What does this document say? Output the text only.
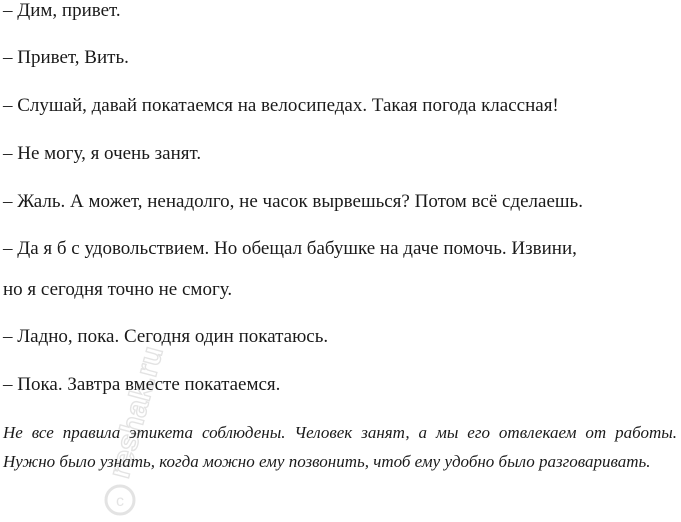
– Дим, привет.
– Привет, Вить.
– Слушай, давай покатаемся на велосипедах. Такая погода классная!
– Не могу, я очень занят.
– Жаль. А может, ненадолго, не часок вырвешься? Потом всё сделаешь.
– Да я б с удовольствием. Но обещал бабушке на даче помочь. Извини,
но я сегодня точно не смогу.
– Ладно, пока. Сегодня один покатаюсь.
– Пока. Завтра вместе покатаемся.
Не все правила этикета соблюдены. Человек занят, а мы его отвлекаем от работы. Нужно было узнать, когда можно ему позвонить, чтоб ему удобно было разговаривать.
c
reshak.ru
